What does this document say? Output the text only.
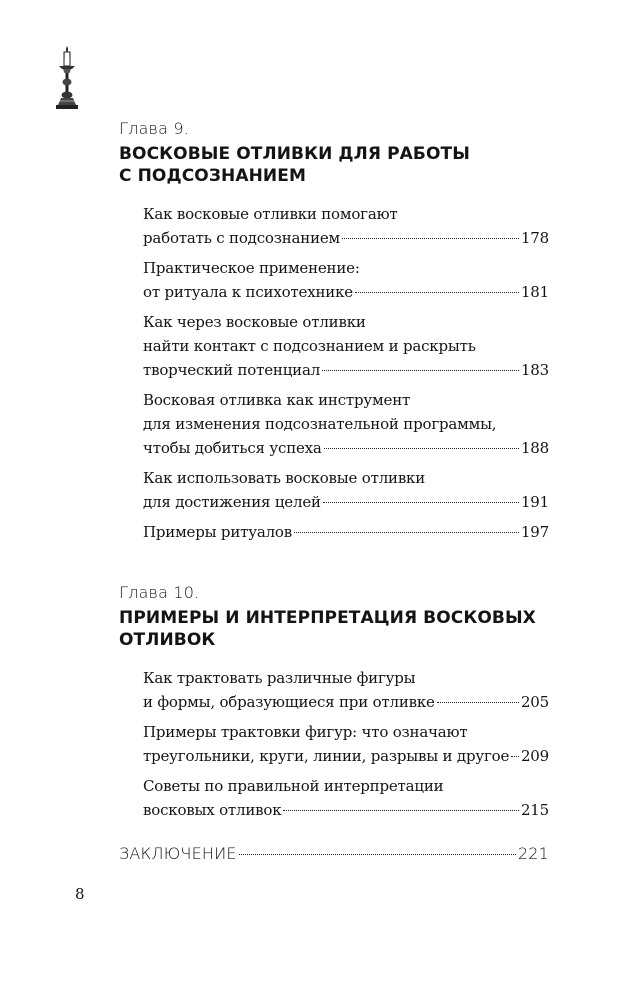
Глава 9.
ВОСКОВЫЕ ОТЛИВКИ ДЛЯ РАБОТЫ
С ПОДСОЗНАНИЕМ
Как восковые отливки помогают
работать с подсознанием	178
Практическое применение:
от ритуала к психотехнике	181
Как через восковые отливки
найти контакт с подсознанием и раскрыть
творческий потенциал	183
Восковая отливка как инструмент
для изменения подсознательной программы,
чтобы добиться успеха	188
Как использовать восковые отливки
для достижения целей	191
Примеры ритуалов	197
Глава 10.
ПРИМЕРЫ И ИНТЕРПРЕТАЦИЯ ВОСКОВЫХ
ОТЛИВОК
Как трактовать различные фигуры
и формы, образующиеся при отливке	205
Примеры трактовки фигур: что означают
треугольники, круги, линии, разрывы и другое 209
Советы по правильной интерпретации
восковых отливок	215
ЗАКЛЮЧЕНИЕ	221
8
